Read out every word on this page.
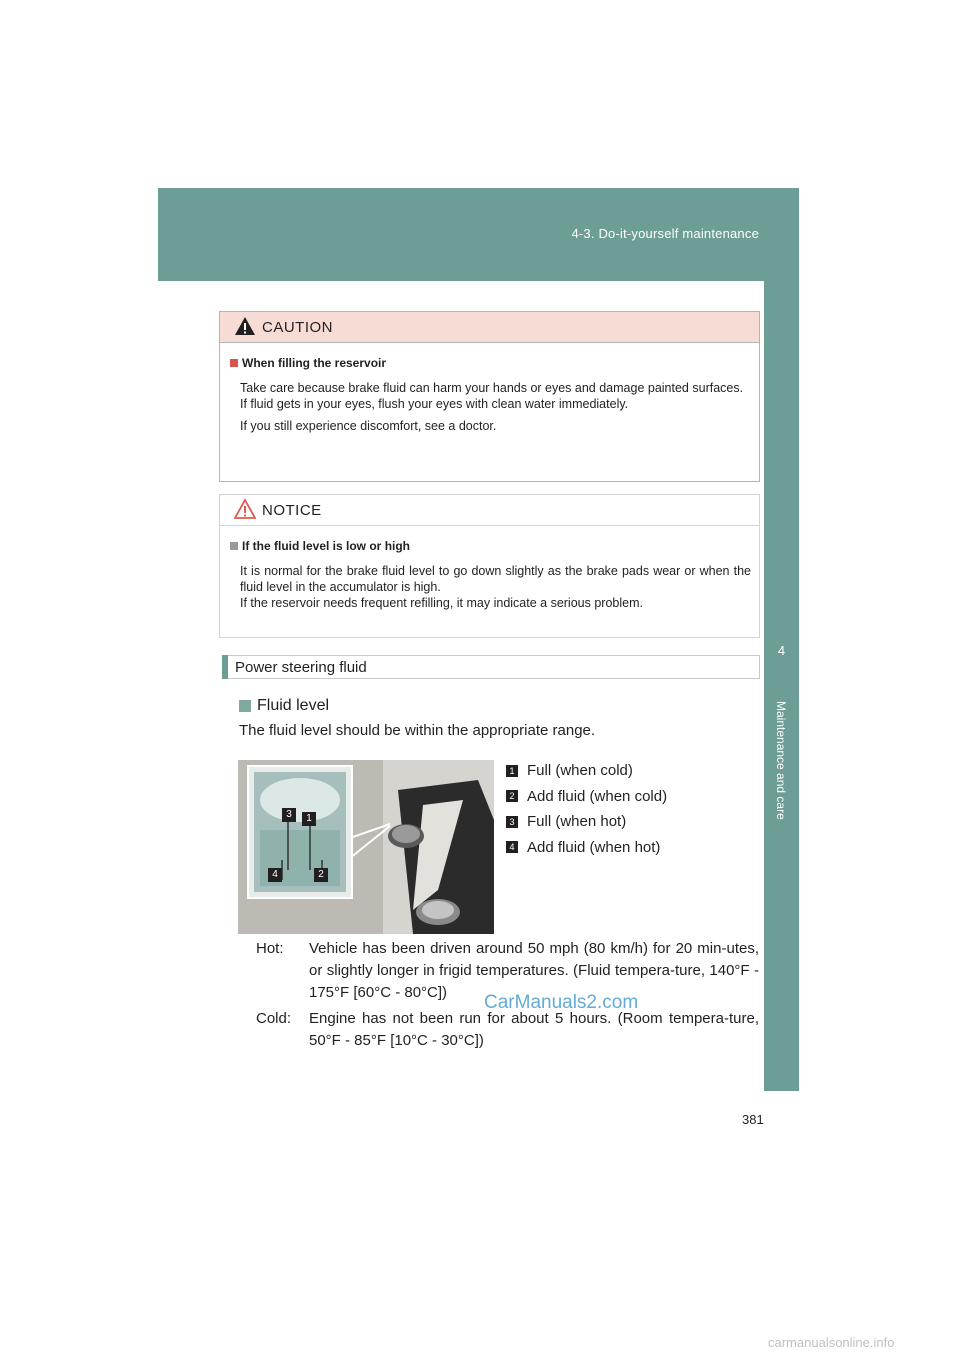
4-3. Do-it-yourself maintenance
4
Maintenance and care
CAUTION
When filling the reservoir

Take care because brake fluid can harm your hands or eyes and damage painted surfaces.
If fluid gets in your eyes, flush your eyes with clean water immediately.

If you still experience discomfort, see a doctor.

NOTICE
If the fluid level is low or high

It is normal for the brake fluid level to go down slightly as the brake pads wear or when the fluid level in the accumulator is high.
If the reservoir needs frequent refilling, it may indicate a serious problem.

Power steering fluid
Fluid level
The fluid level should be within the appropriate range.
3	1
4	2
1 Full (when cold)
2 Add fluid (when cold)
3 Full (when hot)
4 Add fluid (when hot)
Hot: Vehicle has been driven around 50 mph (80 km/h) for 20 min-utes, or slightly longer in frigid temperatures. (Fluid tempera-ture, 140°F - 175°F [60°C - 80°C])
Cold: Engine has not been run for about 5 hours. (Room tempera-ture, 50°F - 85°F [10°C - 30°C])
CarManuals2.com
381
carmanualsonline.info
